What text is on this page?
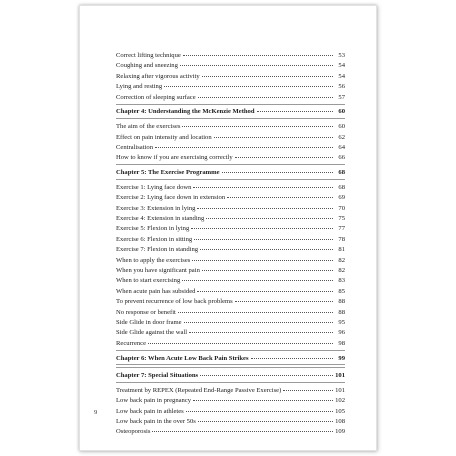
Correct lifting technique	53
Coughing and sneezing	54
Relaxing after vigorous activity	54
Lying and resting	56
Correction of sleeping surface	57
Chapter 4: Understanding the McKenzie Method	60
The aim of the exercises	60
Effect on pain intensity and location	62
Centralisation	64
How to know if you are exercising correctly	66
Chapter 5: The Exercise Programme	68
Exercise 1: Lying face down	68
Exercise 2: Lying face down in extension	69
Exercise 3: Extension in lying	70
Exercise 4: Extension in standing	75
Exercise 5: Flexion in lying	77
Exercise 6: Flexion in sitting	78
Exercise 7: Flexion in standing	81
When to apply the exercises	82
When you have significant pain	82
When to start exercising	83
When acute pain has subsided	85
To prevent recurrence of low back problems	88
No response or benefit	88
Side Glide in door frame	95
Side Glide against the wall	96
Recurrence	98
Chapter 6: When Acute Low Back Pain Strikes	99
Chapter 7: Special Situations	101
Treatment by REPEX (Repeated End-Range Passive Exercise)	101
Low back pain in pregnancy	102
Low back pain in athletes	105
Low back pain in the over 50s	108
Osteoporosis	109
9
